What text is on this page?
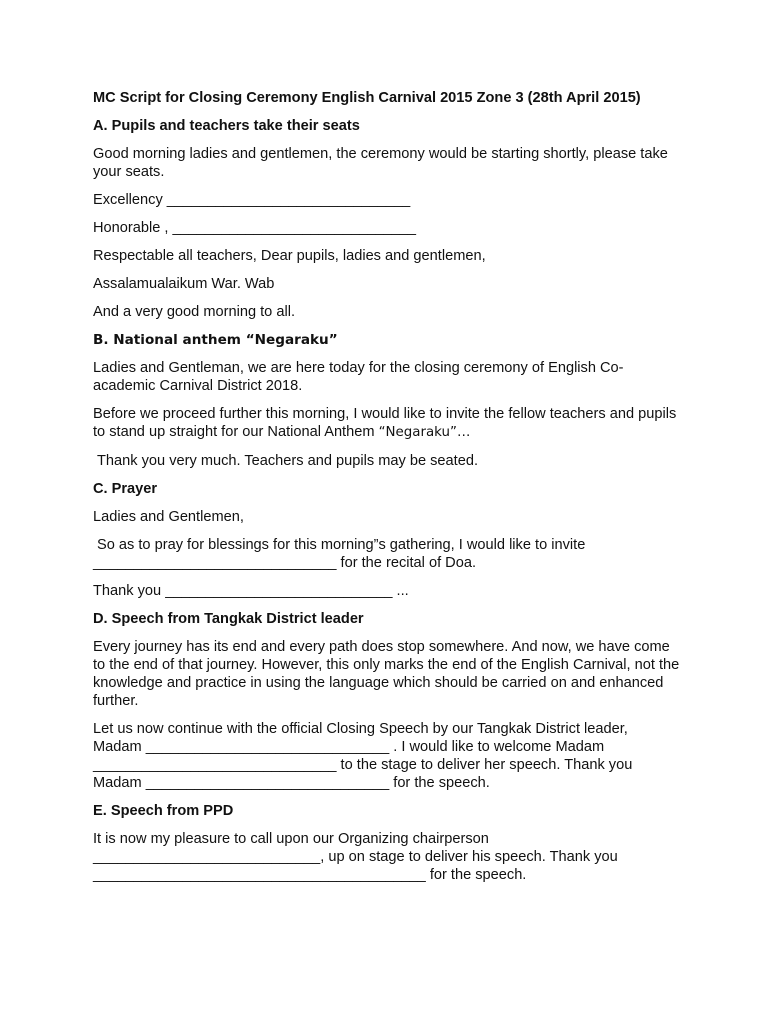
MC Script for Closing Ceremony English Carnival 2015 Zone 3 (28th April 2015)
A. Pupils and teachers take their seats

Good morning ladies and gentlemen, the ceremony would be starting shortly, please take your seats.

Excellency ______________________________

Honorable , ______________________________

Respectable all teachers, Dear pupils, ladies and gentlemen,

Assalamualaikum War. Wab

And a very good morning to all.

B. National anthem “Negaraku”

Ladies and Gentleman, we are here today for the closing ceremony of English Co-academic Carnival District 2018.

Before we proceed further this morning, I would like to invite the fellow teachers and pupils to stand up straight for our National Anthem “Negaraku”…

Thank you very much. Teachers and pupils may be seated.

C. Prayer

Ladies and Gentlemen,

So as to pray for blessings for this morning”s gathering, I would like to invite
______________________________ for the recital of Doa.

Thank you ____________________________ ...

D. Speech from Tangkak District leader

Every journey has its end and every path does stop somewhere. And now, we have come to the end of that journey. However, this only marks the end of the English Carnival, not the knowledge and practice in using the language which should be carried on and enhanced further.

Let us now continue with the official Closing Speech by our Tangkak District leader,
Madam ______________________________ . I would like to welcome Madam
______________________________ to the stage to deliver her speech. Thank you
Madam ______________________________ for the speech.

E. Speech from PPD

It is now my pleasure to call upon our Organizing chairperson
____________________________, up on stage to deliver his speech. Thank you
_________________________________________ for the speech.
